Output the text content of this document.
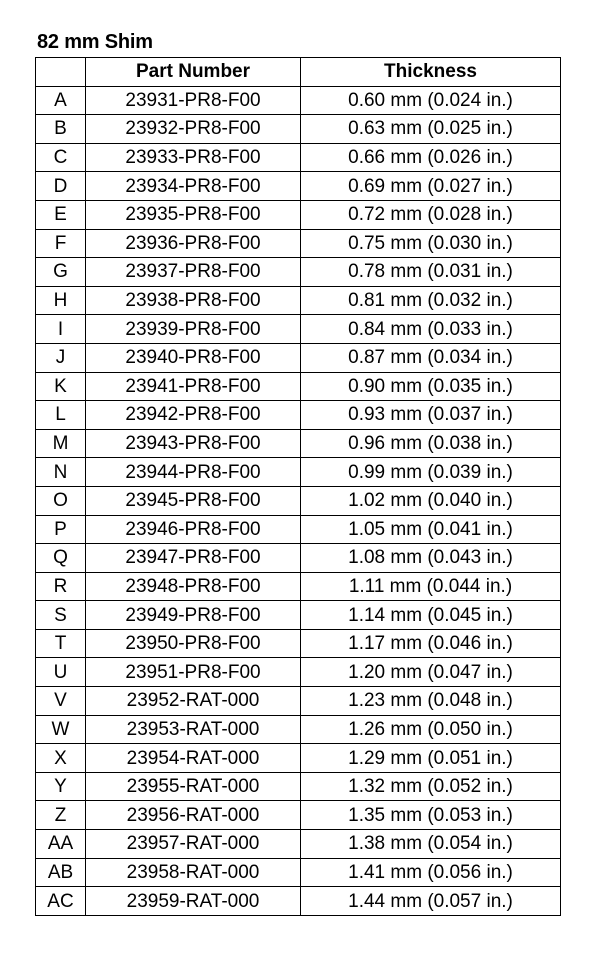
82 mm Shim
	Part Number	Thickness
A	23931-PR8-F00	0.60 mm (0.024 in.)
B	23932-PR8-F00	0.63 mm (0.025 in.)
C	23933-PR8-F00	0.66 mm (0.026 in.)
D	23934-PR8-F00	0.69 mm (0.027 in.)
E	23935-PR8-F00	0.72 mm (0.028 in.)
F	23936-PR8-F00	0.75 mm (0.030 in.)
G	23937-PR8-F00	0.78 mm (0.031 in.)
H	23938-PR8-F00	0.81 mm (0.032 in.)
I	23939-PR8-F00	0.84 mm (0.033 in.)
J	23940-PR8-F00	0.87 mm (0.034 in.)
K	23941-PR8-F00	0.90 mm (0.035 in.)
L	23942-PR8-F00	0.93 mm (0.037 in.)
M	23943-PR8-F00	0.96 mm (0.038 in.)
N	23944-PR8-F00	0.99 mm (0.039 in.)
O	23945-PR8-F00	1.02 mm (0.040 in.)
P	23946-PR8-F00	1.05 mm (0.041 in.)
Q	23947-PR8-F00	1.08 mm (0.043 in.)
R	23948-PR8-F00	1.11 mm (0.044 in.)
S	23949-PR8-F00	1.14 mm (0.045 in.)
T	23950-PR8-F00	1.17 mm (0.046 in.)
U	23951-PR8-F00	1.20 mm (0.047 in.)
V	23952-RAT-000	1.23 mm (0.048 in.)
W	23953-RAT-000	1.26 mm (0.050 in.)
X	23954-RAT-000	1.29 mm (0.051 in.)
Y	23955-RAT-000	1.32 mm (0.052 in.)
Z	23956-RAT-000	1.35 mm (0.053 in.)
AA	23957-RAT-000	1.38 mm (0.054 in.)
AB	23958-RAT-000	1.41 mm (0.056 in.)
AC	23959-RAT-000	1.44 mm (0.057 in.)
